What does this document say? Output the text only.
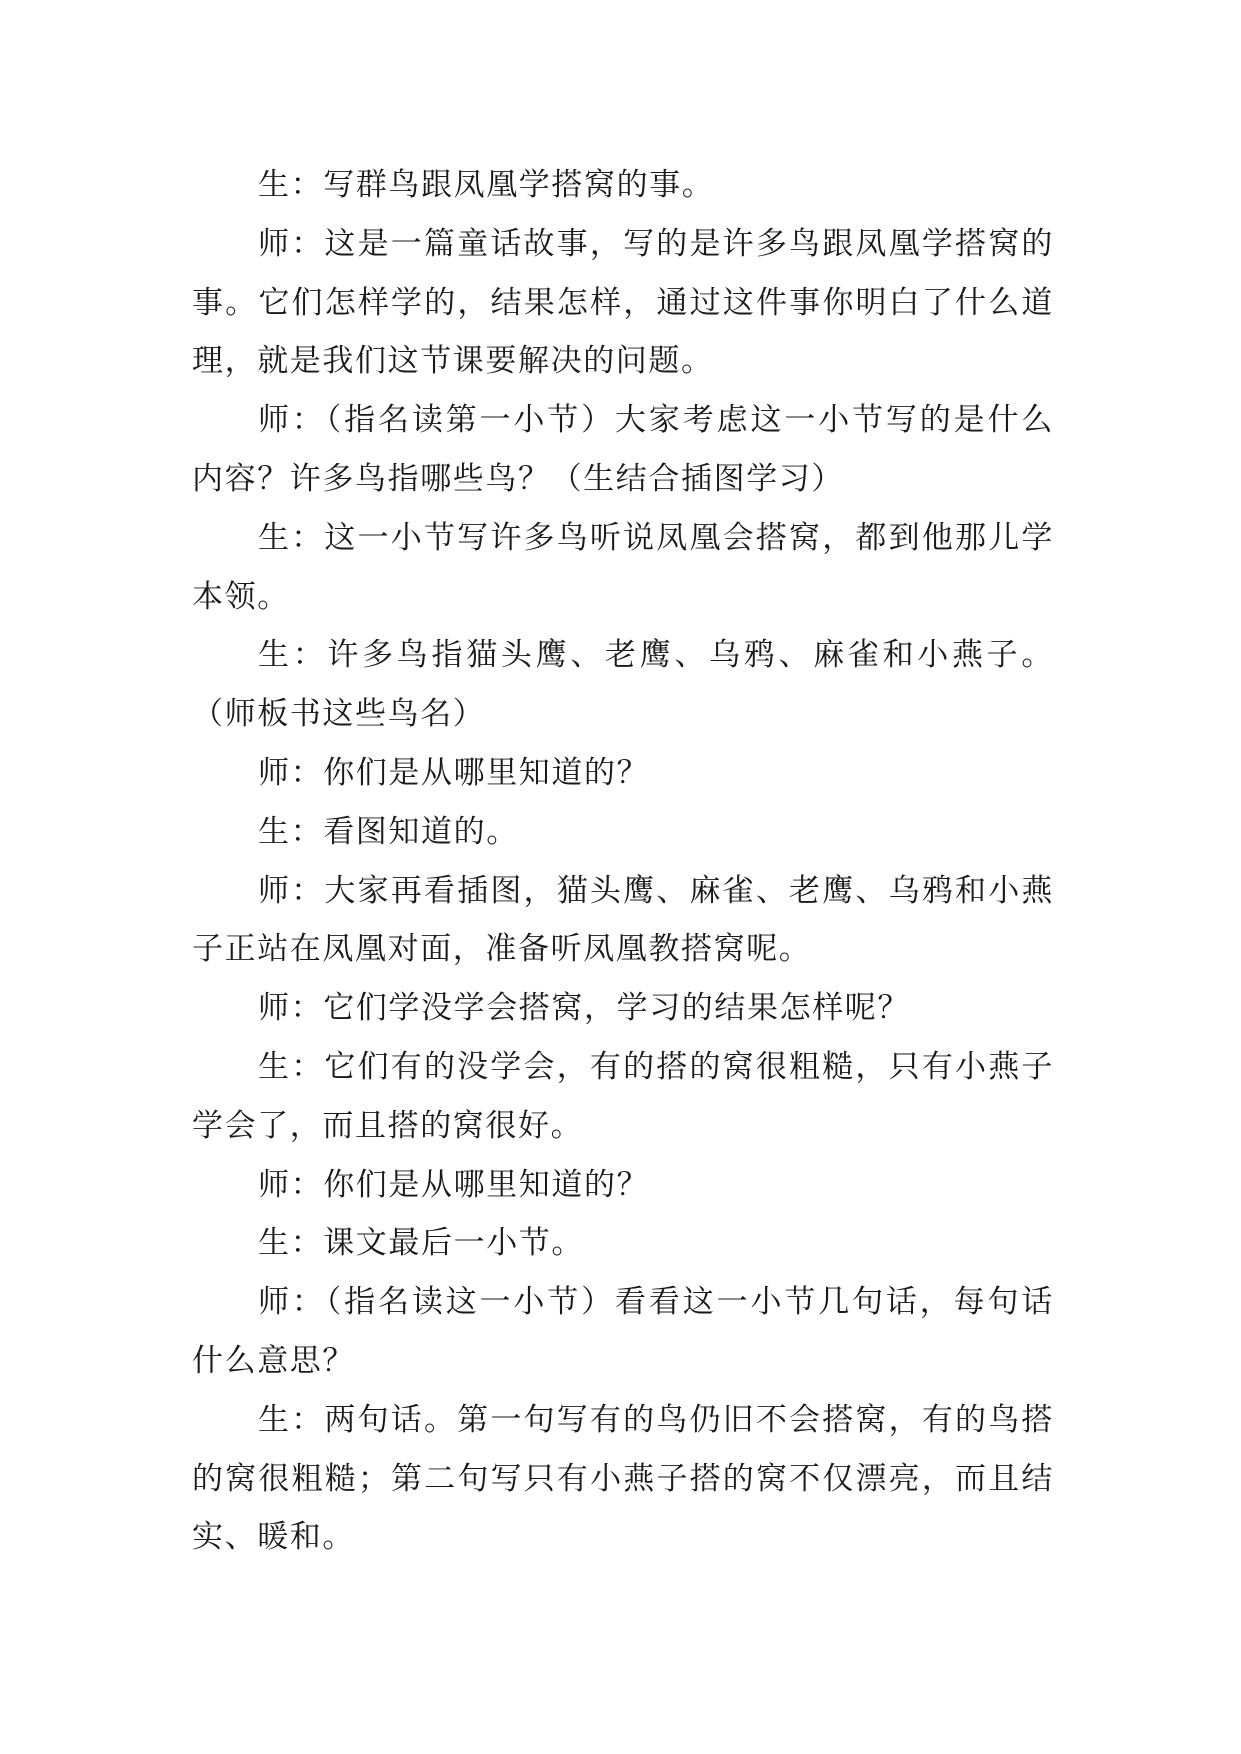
生：写群鸟跟凤凰学搭窝的事。

师：这是一篇童话故事，写的是许多鸟跟凤凰学搭窝的事。它们怎样学的，结果怎样，通过这件事你明白了什么道理，就是我们这节课要解决的问题。

师：（指名读第一小节）大家考虑这一小节写的是什么内容？许多鸟指哪些鸟？（生结合插图学习）

生：这一小节写许多鸟听说凤凰会搭窝，都到他那儿学本领。

生：许多鸟指猫头鹰、老鹰、乌鸦、麻雀和小燕子。（师板书这些鸟名）

师：你们是从哪里知道的？

生：看图知道的。

师：大家再看插图，猫头鹰、麻雀、老鹰、乌鸦和小燕子正站在凤凰对面，准备听凤凰教搭窝呢。

师：它们学没学会搭窝，学习的结果怎样呢？

生：它们有的没学会，有的搭的窝很粗糙，只有小燕子学会了，而且搭的窝很好。

师：你们是从哪里知道的？

生：课文最后一小节。

师：（指名读这一小节）看看这一小节几句话，每句话什么意思？

生：两句话。第一句写有的鸟仍旧不会搭窝，有的鸟搭的窝很粗糙；第二句写只有小燕子搭的窝不仅漂亮，而且结实、暖和。
